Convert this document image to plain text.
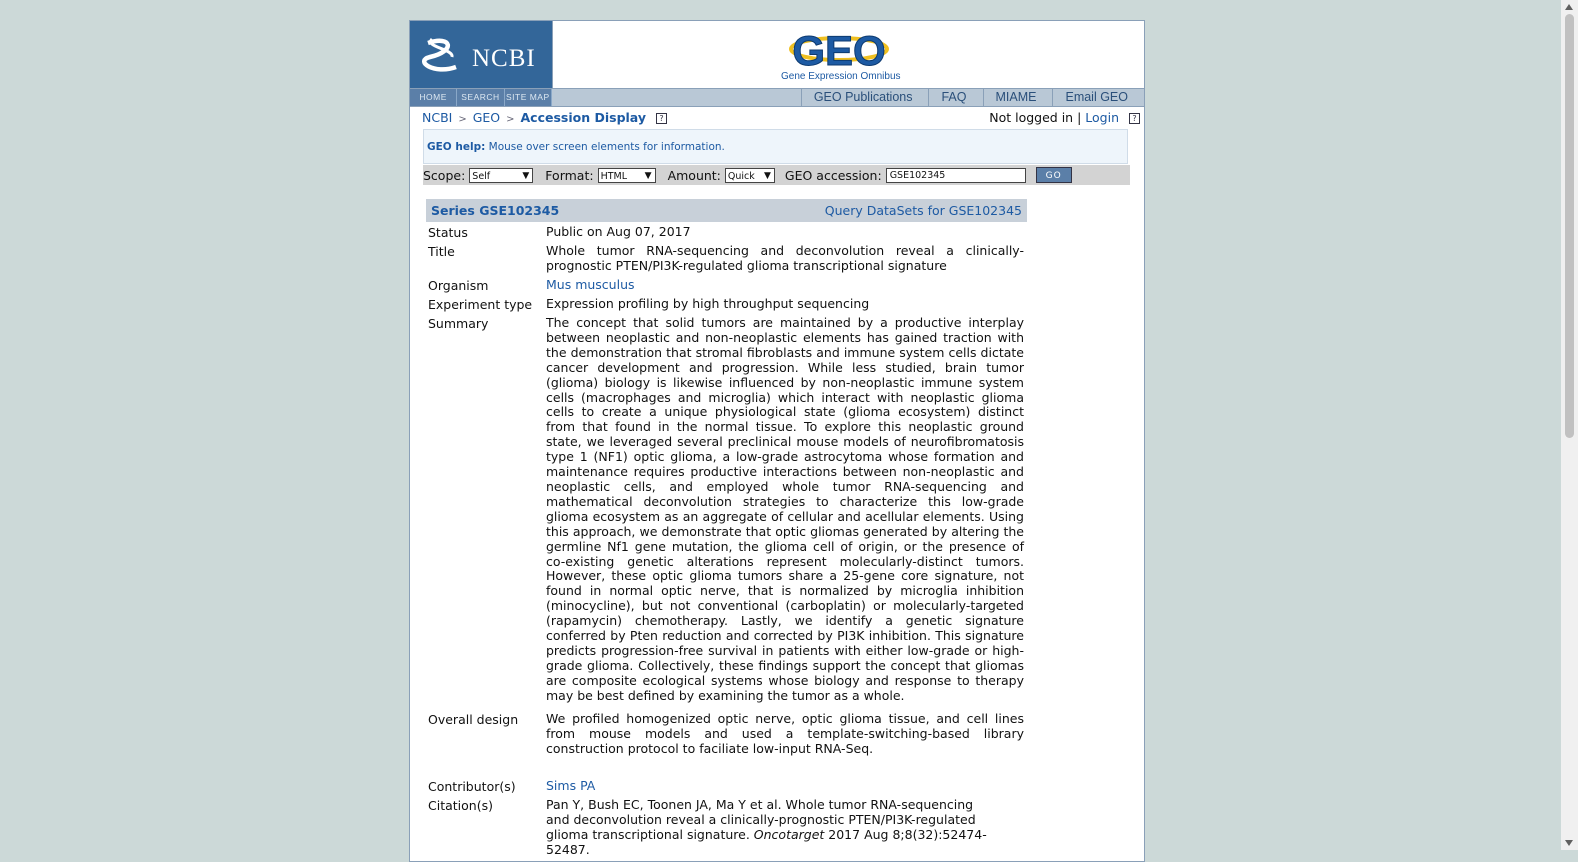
NCBI	GEO
Gene Expression Omnibus
HOME	SEARCH SITE MAP	GEO Publications	FAQ	MIAME	Email GEO
NCBI > GEO > Accession Display ?	Not logged in | Login ?
GEO help: Mouse over screen elements for information.
Scope: Self	▼ Format: HTML ▼ Amount: Quick ▼ GEO accession: GSE102345	GO
Series GSE102345	Query DataSets for GSE102345
Status	Public on Aug 07, 2017
Title	Whole tumor RNA-sequencing and deconvolution reveal a clinically-prognostic PTEN/PI3K-regulated glioma transcriptional signature
Organism	Mus musculus
Experiment type	Expression profiling by high throughput sequencing
Summary	The concept that solid tumors are maintained by a productive interplay between neoplastic and non-neoplastic elements has gained traction with the demonstration that stromal fibroblasts and immune system cells dictate cancer development and progression. While less studied, brain tumor (glioma) biology is likewise influenced by non-neoplastic immune system cells (macrophages and microglia) which interact with neoplastic glioma cells to create a unique physiological state (glioma ecosystem) distinct from that found in the normal tissue. To explore this neoplastic ground state, we leveraged several preclinical mouse models of neurofibromatosis type 1 (NF1) optic glioma, a low-grade astrocytoma whose formation and maintenance requires productive interactions between non-neoplastic and neoplastic cells, and employed whole tumor RNA-sequencing and mathematical deconvolution strategies to characterize this low-grade glioma ecosystem as an aggregate of cellular and acellular elements. Using this approach, we demonstrate that optic gliomas generated by altering the germline Nf1 gene mutation, the glioma cell of origin, or the presence of co-existing genetic alterations represent molecularly-distinct tumors. However, these optic glioma tumors share a 25-gene core signature, not found in normal optic nerve, that is normalized by microglia inhibition (minocycline), but not conventional (carboplatin) or molecularly-targeted (rapamycin) chemotherapy. Lastly, we identify a genetic signature conferred by Pten reduction and corrected by PI3K inhibition. This signature predicts progression-free survival in patients with either low-grade or high-grade glioma. Collectively, these findings support the concept that gliomas are composite ecological systems whose biology and response to therapy may be best defined by examining the tumor as a whole.
Overall design	We profiled homogenized optic nerve, optic glioma tissue, and cell lines from mouse models and used a template-switching-based library construction protocol to faciliate low-input RNA-Seq.
Contributor(s)	Sims PA
Citation(s)	Pan Y, Bush EC, Toonen JA, Ma Y et al. Whole tumor RNA-sequencing and deconvolution reveal a clinically-prognostic PTEN/PI3K-regulated glioma transcriptional signature. Oncotarget 2017 Aug 8;8(32):52474-52487.
